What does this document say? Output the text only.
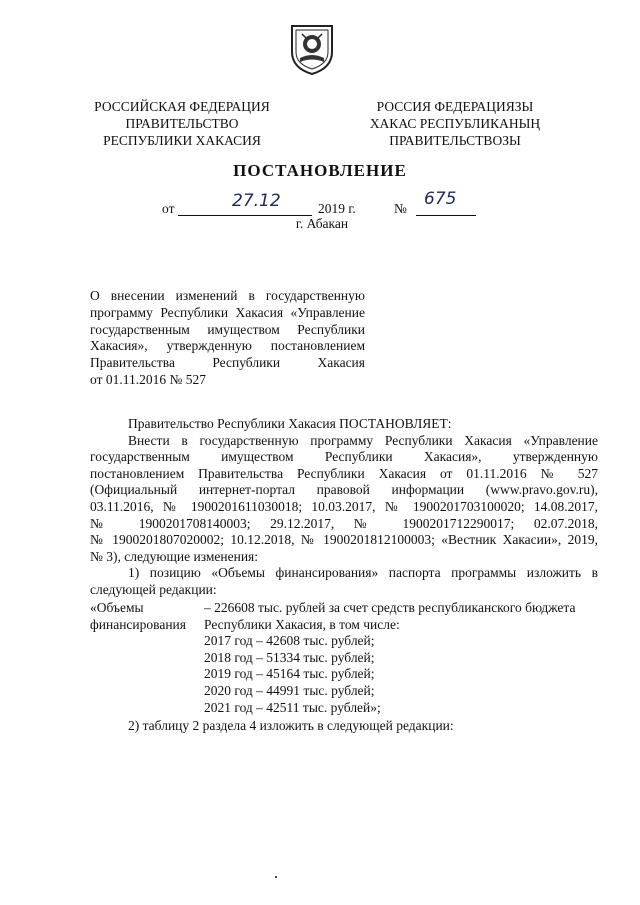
РОССИЙСКАЯ ФЕДЕРАЦИЯ
ПРАВИТЕЛЬСТВО
РЕСПУБЛИКИ ХАКАСИЯ
РОССИЯ ФЕДЕРАЦИЯЗЫ
ХАКАС РЕСПУБЛИКАНЫҢ
ПРАВИТЕЛЬСТВОЗЫ
ПОСТАНОВЛЕНИЕ
от	27.12	2019 г.	№ 675
г. Абакан
О внесении изменений в государственную
программу Республики Хакасия «Управление
государственным имуществом Республики
Хакасия», утвержденную постановлением
Правительства Республики Хакасия
от 01.11.2016 № 527
Правительство Республики Хакасия ПОСТАНОВЛЯЕТ:
Внести в государственную программу Республики Хакасия «Управление
государственным имуществом Республики Хакасия», утвержденную
постановлением Правительства Республики Хакасия от 01.11.2016 № 527
(Официальный интернет-портал правовой информации (www.pravo.gov.ru),
03.11.2016, № 1900201611030018; 10.03.2017, № 1900201703100020; 14.08.2017,
№ 1900201708140003; 29.12.2017, № 1900201712290017; 02.07.2018,
№ 1900201807020002; 10.12.2018, № 1900201812100003; «Вестник Хакасии», 2019,
№ 3), следующие изменения:
1) позицию «Объемы финансирования» паспорта программы изложить в
следующей редакции:
«Объемы
финансирования
– 226608 тыс. рублей за счет средств республиканского бюджета
Республики Хакасия, в том числе:
2017 год – 42608 тыс. рублей;
2018 год – 51334 тыс. рублей;
2019 год – 45164 тыс. рублей;
2020 год – 44991 тыс. рублей;
2021 год – 42511 тыс. рублей»;
2) таблицу 2 раздела 4 изложить в следующей редакции:
